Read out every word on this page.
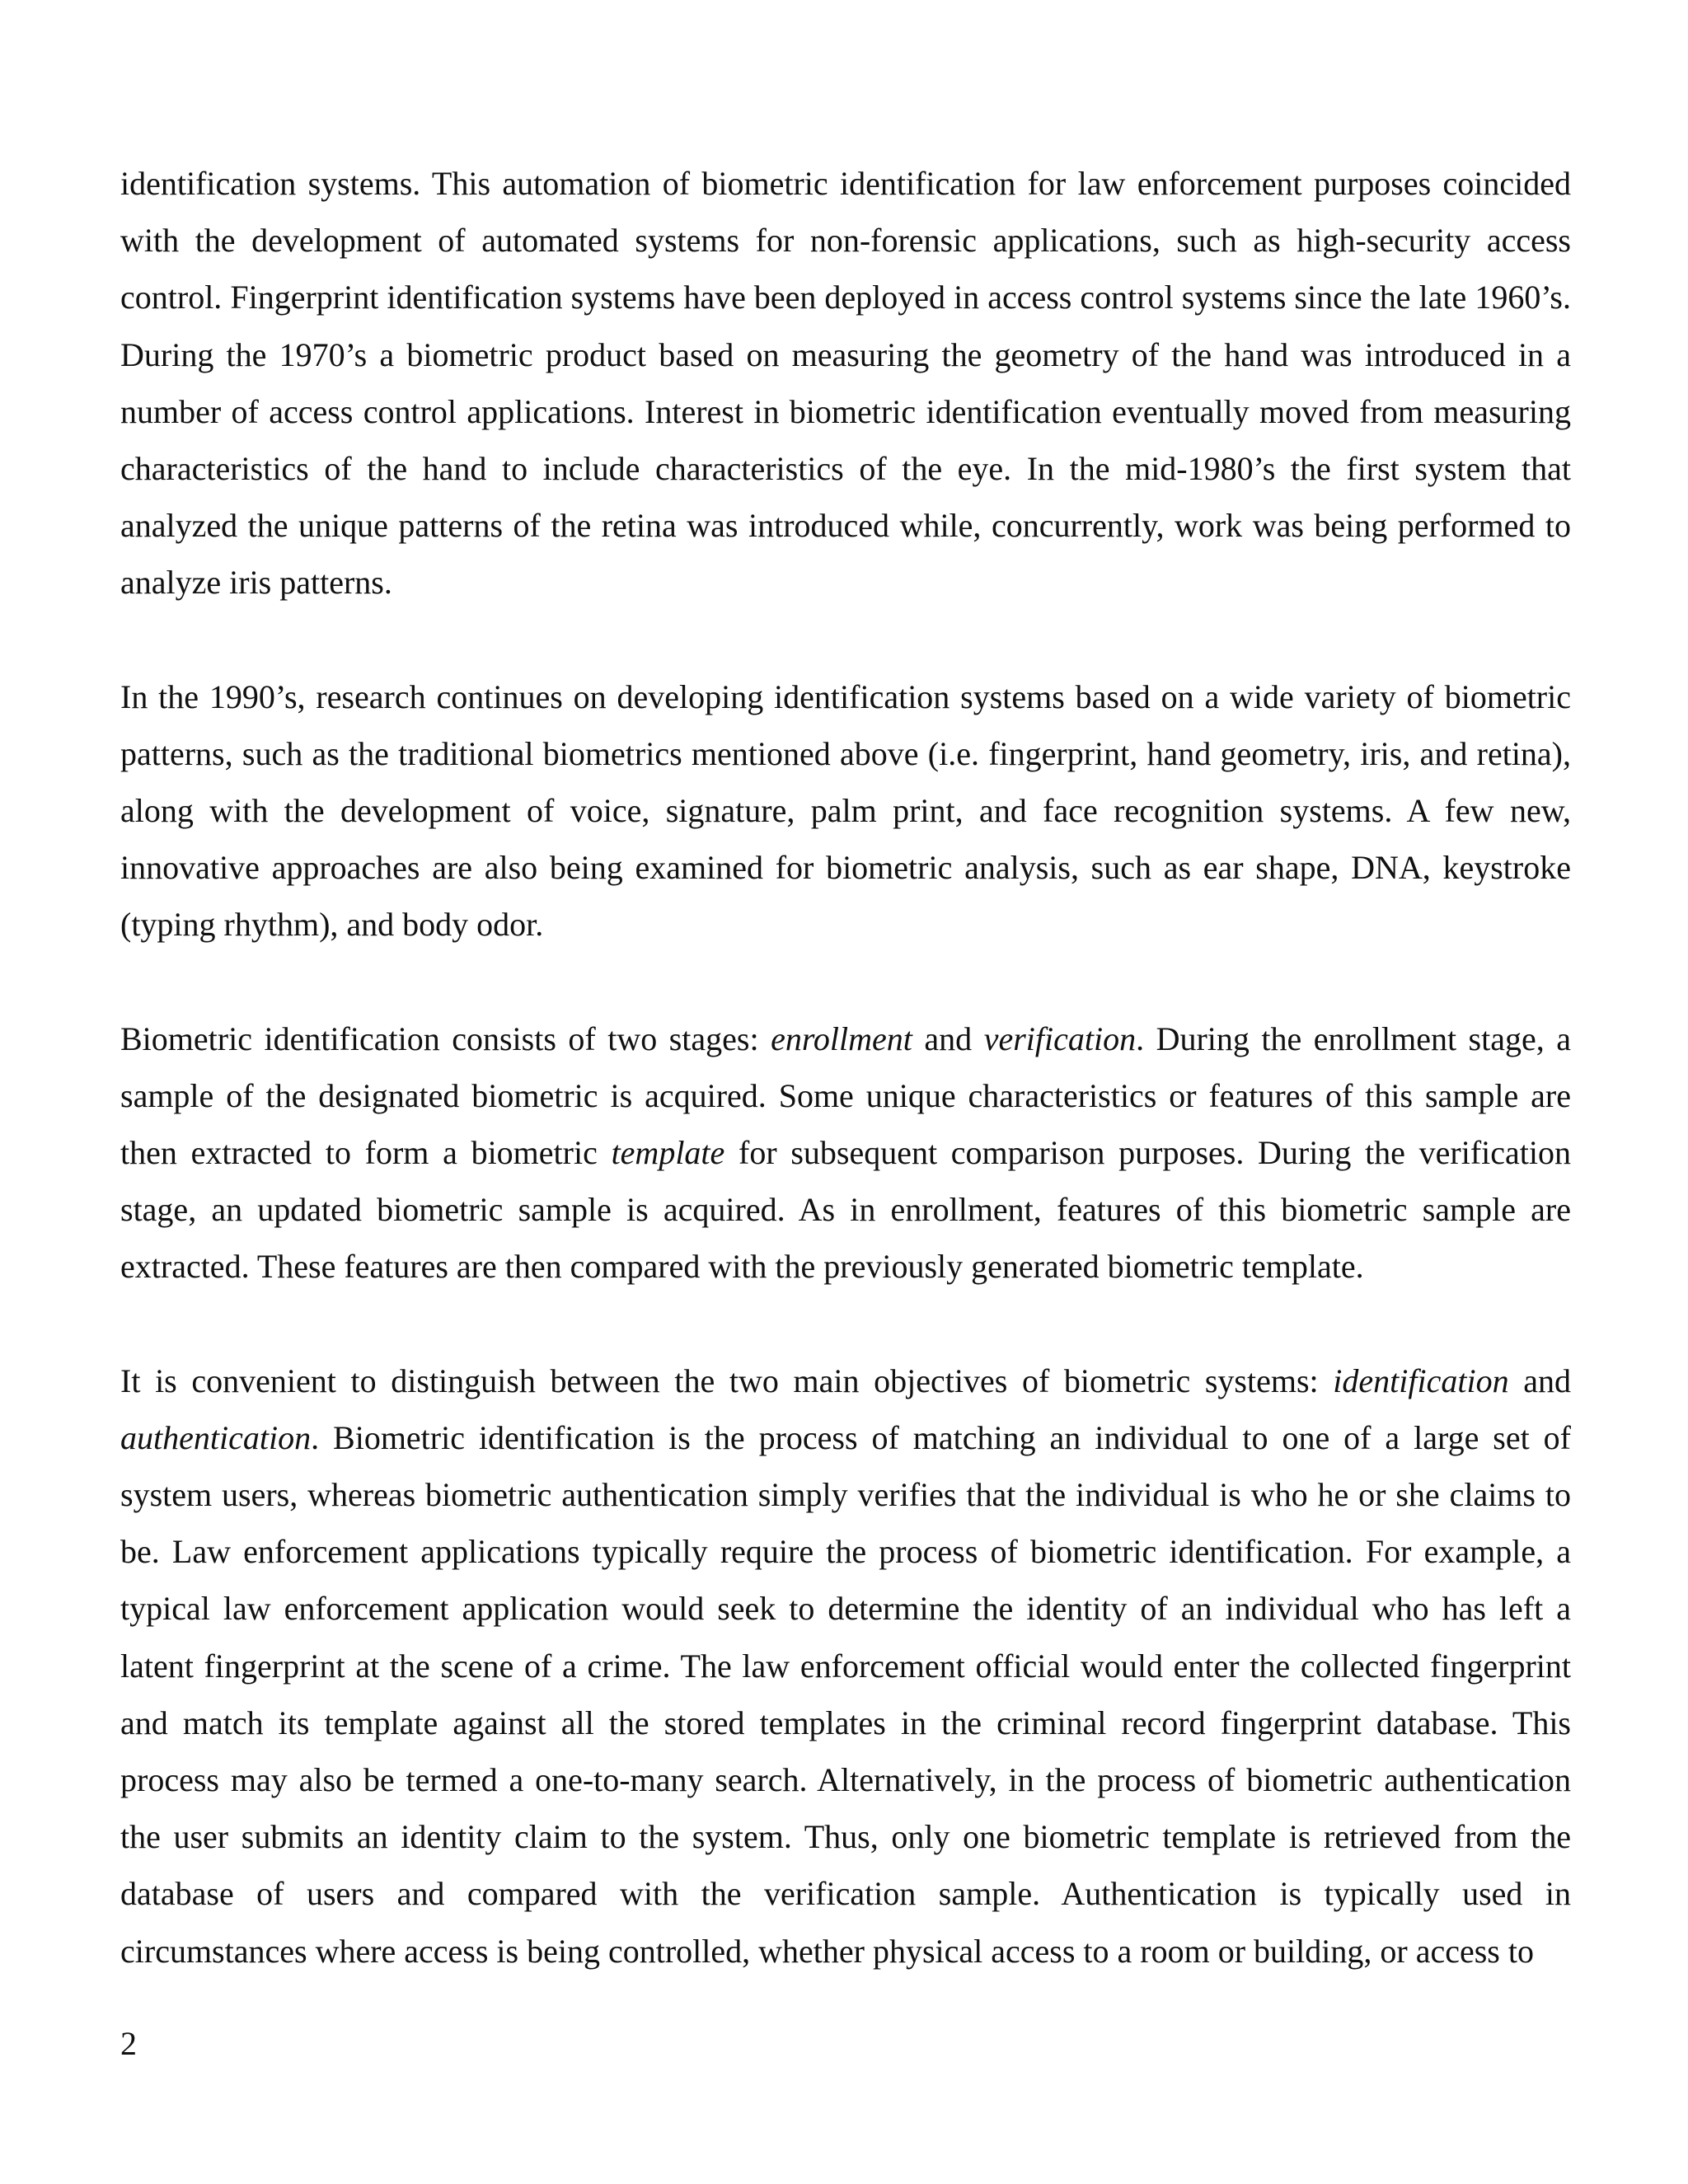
identification systems. This automation of biometric identification for law enforcement purposes coincided with the development of automated systems for non-forensic applications, such as high-security access control. Fingerprint identification systems have been deployed in access control systems since the late 1960’s. During the 1970’s a biometric product based on measuring the geometry of the hand was introduced in a number of access control applications. Interest in biometric identification eventually moved from measuring characteristics of the hand to include characteristics of the eye. In the mid-1980’s the first system that analyzed the unique patterns of the retina was introduced while, concurrently, work was being performed to analyze iris patterns.

In the 1990’s, research continues on developing identification systems based on a wide variety of biometric patterns, such as the traditional biometrics mentioned above (i.e. fingerprint, hand geometry, iris, and retina), along with the development of voice, signature, palm print, and face recognition systems. A few new, innovative approaches are also being examined for biometric analysis, such as ear shape, DNA, keystroke (typing rhythm), and body odor.

Biometric identification consists of two stages: enrollment and verification. During the enrollment stage, a sample of the designated biometric is acquired. Some unique characteristics or features of this sample are then extracted to form a biometric template for subsequent comparison purposes. During the verification stage, an updated biometric sample is acquired. As in enrollment, features of this biometric sample are extracted. These features are then compared with the previously generated biometric template.

It is convenient to distinguish between the two main objectives of biometric systems: identification and authentication. Biometric identification is the process of matching an individual to one of a large set of system users, whereas biometric authentication simply verifies that the individual is who he or she claims to be. Law enforcement applications typically require the process of biometric identification. For example, a typical law enforcement application would seek to determine the identity of an individual who has left a latent fingerprint at the scene of a crime. The law enforcement official would enter the collected fingerprint and match its template against all the stored templates in the criminal record fingerprint database. This process may also be termed a one-to-many search. Alternatively, in the process of biometric authentication the user submits an identity claim to the system. Thus, only one biometric template is retrieved from the database of users and compared with the verification sample. Authentication is typically used in circumstances where access is being controlled, whether physical access to a room or building, or access to

2
